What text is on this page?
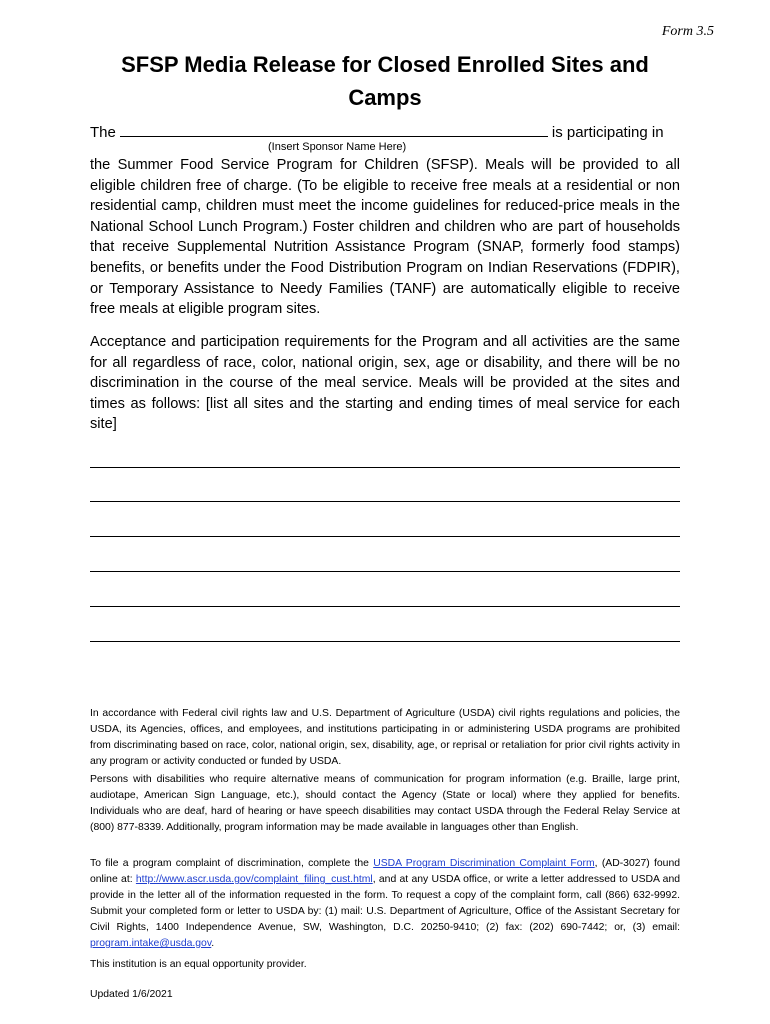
Form 3.5
SFSP Media Release for Closed Enrolled Sites and Camps
The	is participating in
(Insert Sponsor Name Here)

the Summer Food Service Program for Children (SFSP). Meals will be provided to all eligible children free of charge. (To be eligible to receive free meals at a residential or non residential camp, children must meet the income guidelines for reduced-price meals in the National School Lunch Program.) Foster children and children who are part of households that receive Supplemental Nutrition Assistance Program (SNAP, formerly food stamps) benefits, or benefits under the Food Distribution Program on Indian Reservations (FDPIR), or Temporary Assistance to Needy Families (TANF) are automatically eligible to receive free meals at eligible program sites.

Acceptance and participation requirements for the Program and all activities are the same for all regardless of race, color, national origin, sex, age or disability, and there will be no discrimination in the course of the meal service. Meals will be provided at the sites and times as follows: [list all sites and the starting and ending times of meal service for each site]

In accordance with Federal civil rights law and U.S. Department of Agriculture (USDA) civil rights regulations and policies, the USDA, its Agencies, offices, and employees, and institutions participating in or administering USDA programs are prohibited from discriminating based on race, color, national origin, sex, disability, age, or reprisal or retaliation for prior civil rights activity in any program or activity conducted or funded by USDA.

Persons with disabilities who require alternative means of communication for program information (e.g. Braille, large print, audiotape, American Sign Language, etc.), should contact the Agency (State or local) where they applied for benefits. Individuals who are deaf, hard of hearing or have speech disabilities may contact USDA through the Federal Relay Service at (800) 877-8339. Additionally, program information may be made available in languages other than English.

To file a program complaint of discrimination, complete the USDA Program Discrimination Complaint Form, (AD-3027) found online at: http://www.ascr.usda.gov/complaint_filing_cust.html, and at any USDA office, or write a letter addressed to USDA and provide in the letter all of the information requested in the form. To request a copy of the complaint form, call (866) 632-9992. Submit your completed form or letter to USDA by: (1) mail: U.S. Department of Agriculture, Office of the Assistant Secretary for Civil Rights, 1400 Independence Avenue, SW, Washington, D.C. 20250-9410; (2) fax: (202) 690-7442; or, (3) email: program.intake@usda.gov.

This institution is an equal opportunity provider.

Updated 1/6/2021
